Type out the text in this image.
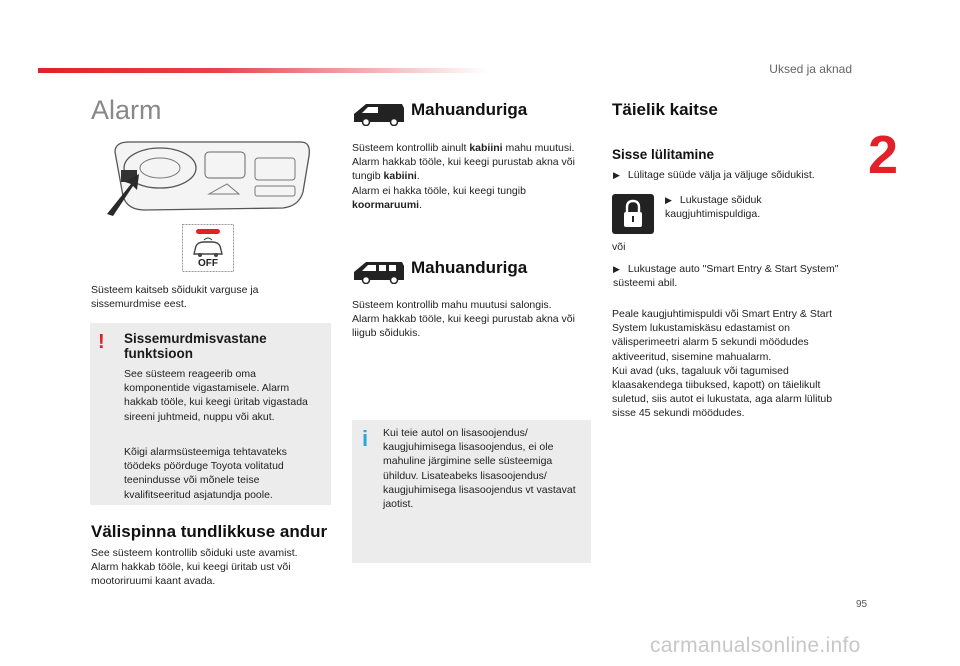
Uksed ja aknad
2
95
carmanualsonline.info
Alarm
OFF
Süsteem kaitseb sõidukit varguse ja sissemurdmise eest.
! Sissemurdmisvastane funktsioon
See süsteem reageerib oma komponentide vigastamisele. Alarm hakkab tööle, kui keegi üritab vigastada sireeni juhtmeid, nuppu või akut.
Kõigi alarmsüsteemiga tehtavateks töödeks pöörduge Toyota volitatud teenindusse või mõnele teise kvalifitseeritud asjatundja poole.
Välispinna tundlikkuse andur
See süsteem kontrollib sõiduki uste avamist. Alarm hakkab tööle, kui keegi üritab ust või mootoriruumi kaant avada.
Mahuanduriga
Süsteem kontrollib ainult kabiini mahu muutusi.
Alarm hakkab tööle, kui keegi purustab akna või tungib kabiini.
Alarm ei hakka tööle, kui keegi tungib koormaruumi.
Mahuanduriga
Süsteem kontrollib mahu muutusi salongis. Alarm hakkab tööle, kui keegi purustab akna või liigub sõidukis.
i Kui teie autol on lisasoojendus/ kaugjuhimisega lisasoojendus, ei ole mahuline järgimine selle süsteemiga ühilduv. Lisateabeks lisasoojendus/ kaugjuhimisega lisasoojendus vt vastavat jaotist.
Täielik kaitse
Sisse lülitamine
▶ Lülitage süüde välja ja väljuge sõidukist.
▶ Lukustage sõiduk kaugjuhtimispuldiga.
või
▶ Lukustage auto "Smart Entry & Start System" süsteemi abil.
Peale kaugjuhtimispuldi või Smart Entry & Start System lukustamiskäsu edastamist on välisperimeetri alarm 5 sekundi möödudes aktiveeritud, sisemine mahualarm.
Kui avad (uks, tagaluuk või tagumised klaasakendega tiibuksed, kapott) on täielikult suletud, siis autot ei lukustata, aga alarm lülitub sisse 45 sekundi möödudes.
